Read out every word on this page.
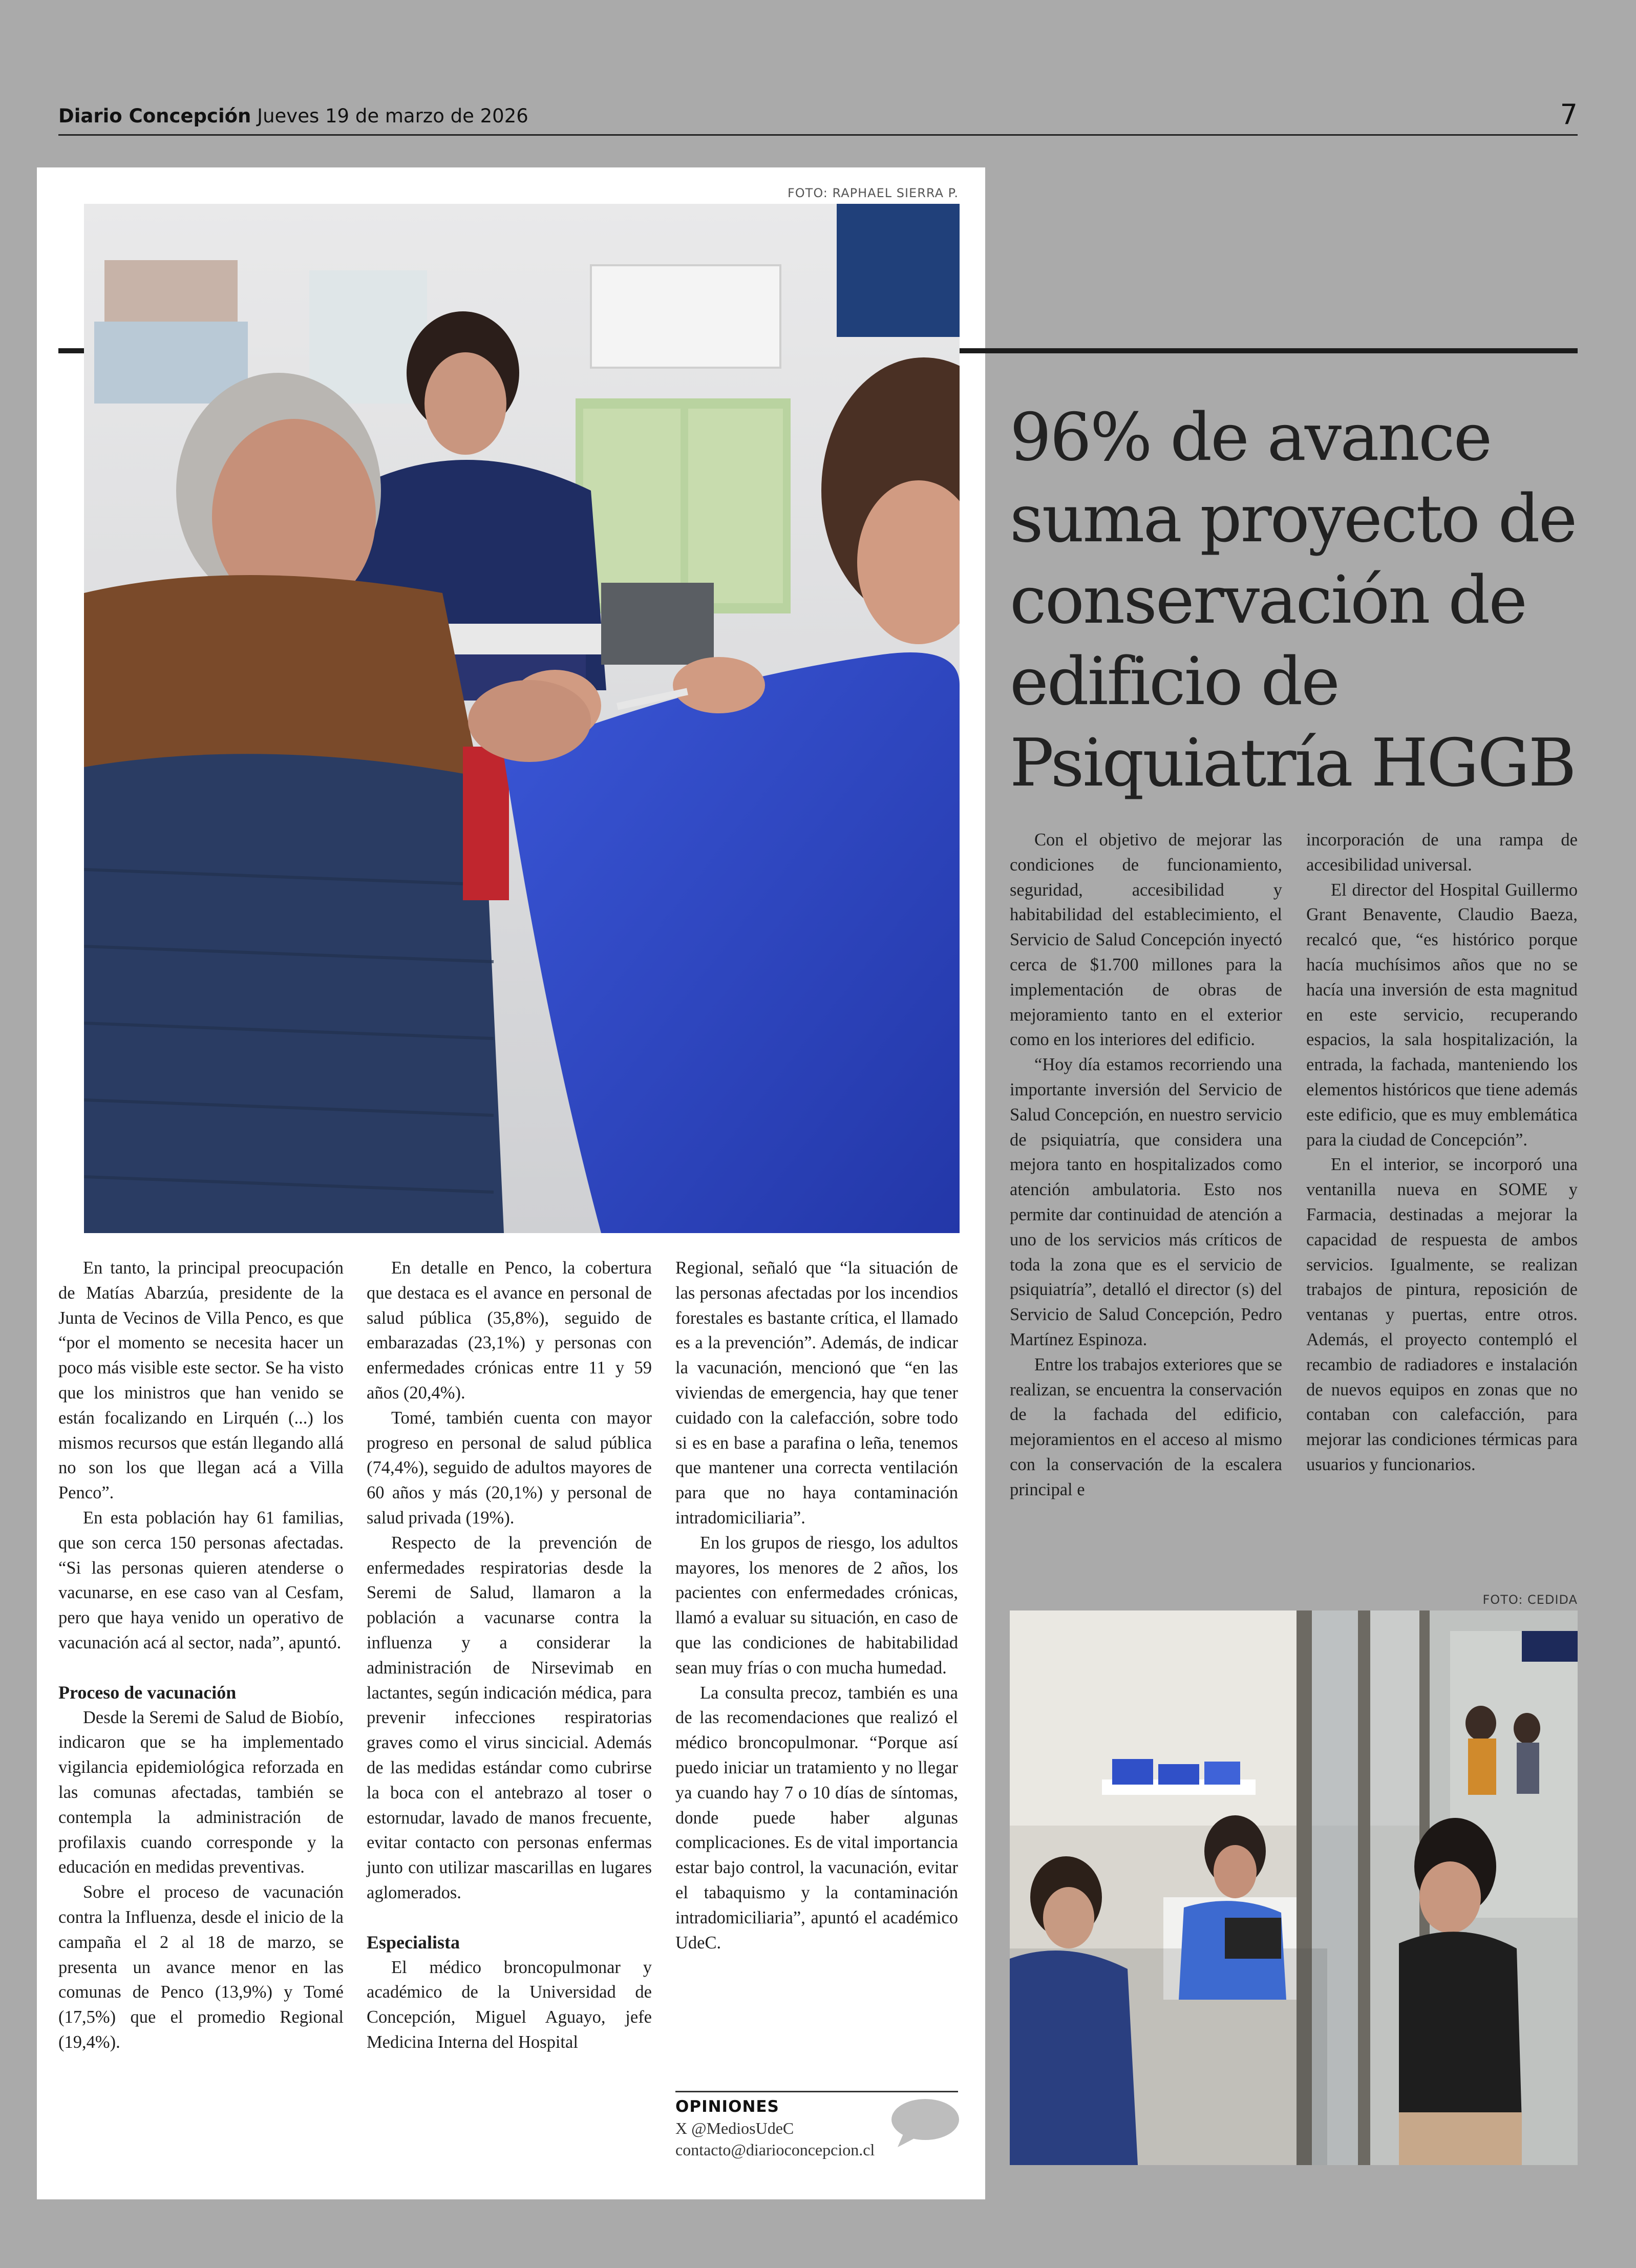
Diario Concepción Jueves 19 de marzo de 2026	7
FOTO: RAPHAEL SIERRA P.
96% de avance suma proyecto de conservación de edificio de Psiquiatría HGGB

Con el objetivo de mejorar las condiciones de funcionamiento, seguridad, accesibilidad y habitabilidad del establecimiento, el Servicio de Salud Concepción inyectó cerca de $1.700 millones para la implementación de obras de mejoramiento tanto en el exterior como en los interiores del edificio.

“Hoy día estamos recorriendo una importante inversión del Servicio de Salud Concepción, en nuestro servicio de psiquiatría, que considera una mejora tanto en hospitalizados como atención ambulatoria. Esto nos permite dar continuidad de atención a uno de los servicios más críticos de toda la zona que es el servicio de psiquiatría”, detalló el director (s) del Servicio de Salud Concepción, Pedro Martínez Espinoza.

Entre los trabajos exteriores que se realizan, se encuentra la conservación de la fachada del edificio, mejoramientos en el acceso al mismo con la conservación de la escalera principal e

incorporación de una rampa de accesibilidad universal.

El director del Hospital Guillermo Grant Benavente, Claudio Baeza, recalcó que, “es histórico porque hacía muchísimos años que no se hacía una inversión de esta magnitud en este servicio, recuperando espacios, la sala hospitalización, la entrada, la fachada, manteniendo los elementos históricos que tiene además este edificio, que es muy emblemática para la ciudad de Concepción”.

En el interior, se incorporó una ventanilla nueva en SOME y Farmacia, destinadas a mejorar la capacidad de respuesta de ambos servicios. Igualmente, se realizan trabajos de pintura, reposición de ventanas y puertas, entre otros. Además, el proyecto contempló el recambio de radiadores e instalación de nuevos equipos en zonas que no contaban con calefacción, para mejorar las condiciones térmicas para usuarios y funcionarios.

En tanto, la principal preocupación de Matías Abarzúa, presidente de la Junta de Vecinos de Villa Penco, es que “por el momento se necesita hacer un poco más visible este sector. Se ha visto que los ministros que han venido se están focalizando en Lirquén (...) los mismos recursos que están llegando allá no son los que llegan acá a Villa Penco”.

En esta población hay 61 familias, que son cerca 150 personas afectadas. “Si las personas quieren atenderse o vacunarse, en ese caso van al Cesfam, pero que haya venido un operativo de vacunación acá al sector, nada”, apuntó.

Proceso de vacunación

Desde la Seremi de Salud de Biobío, indicaron que se ha implementado vigilancia epidemiológica reforzada en las comunas afectadas, también se contempla la administración de profilaxis cuando corresponde y la educación en medidas preventivas.

Sobre el proceso de vacunación contra la Influenza, desde el inicio de la campaña el 2 al 18 de marzo, se presenta un avance menor en las comunas de Penco (13,9%) y Tomé (17,5%) que el promedio Regional (19,4%).

En detalle en Penco, la cobertura que destaca es el avance en personal de salud pública (35,8%), seguido de embarazadas (23,1%) y personas con enfermedades crónicas entre 11 y 59 años (20,4%).

Tomé, también cuenta con mayor progreso en personal de salud pública (74,4%), seguido de adultos mayores de 60 años y más (20,1%) y personal de salud privada (19%).

Respecto de la prevención de enfermedades respiratorias desde la Seremi de Salud, llamaron a la población a vacunarse contra la influenza y a considerar la administración de Nirsevimab en lactantes, según indicación médica, para prevenir infecciones respiratorias graves como el virus sincicial. Además de las medidas estándar como cubrirse la boca con el antebrazo al toser o estornudar, lavado de manos frecuente, evitar contacto con personas enfermas junto con utilizar mascarillas en lugares aglomerados.

Especialista

El médico broncopulmonar y académico de la Universidad de Concepción, Miguel Aguayo, jefe Medicina Interna del Hospital

Regional, señaló que “la situación de las personas afectadas por los incendios forestales es bastante crítica, el llamado es a la prevención”. Además, de indicar la vacunación, mencionó que “en las viviendas de emergencia, hay que tener cuidado con la calefacción, sobre todo si es en base a parafina o leña, tenemos que mantener una correcta ventilación para que no haya contaminación intradomiciliaria”.

En los grupos de riesgo, los adultos mayores, los menores de 2 años, los pacientes con enfermedades crónicas, llamó a evaluar su situación, en caso de que las condiciones de habitabilidad sean muy frías o con mucha humedad.

La consulta precoz, también es una de las recomendaciones que realizó el médico broncopulmonar. “Porque así puedo iniciar un tratamiento y no llegar ya cuando hay 7 o 10 días de síntomas, donde puede haber algunas complicaciones. Es de vital importancia estar bajo control, la vacunación, evitar el tabaquismo y la contaminación intradomiciliaria”, apuntó el académico UdeC.

OPINIONES
X @MediosUdeC
contacto@diarioconcepcion.cl
FOTO: CEDIDA
